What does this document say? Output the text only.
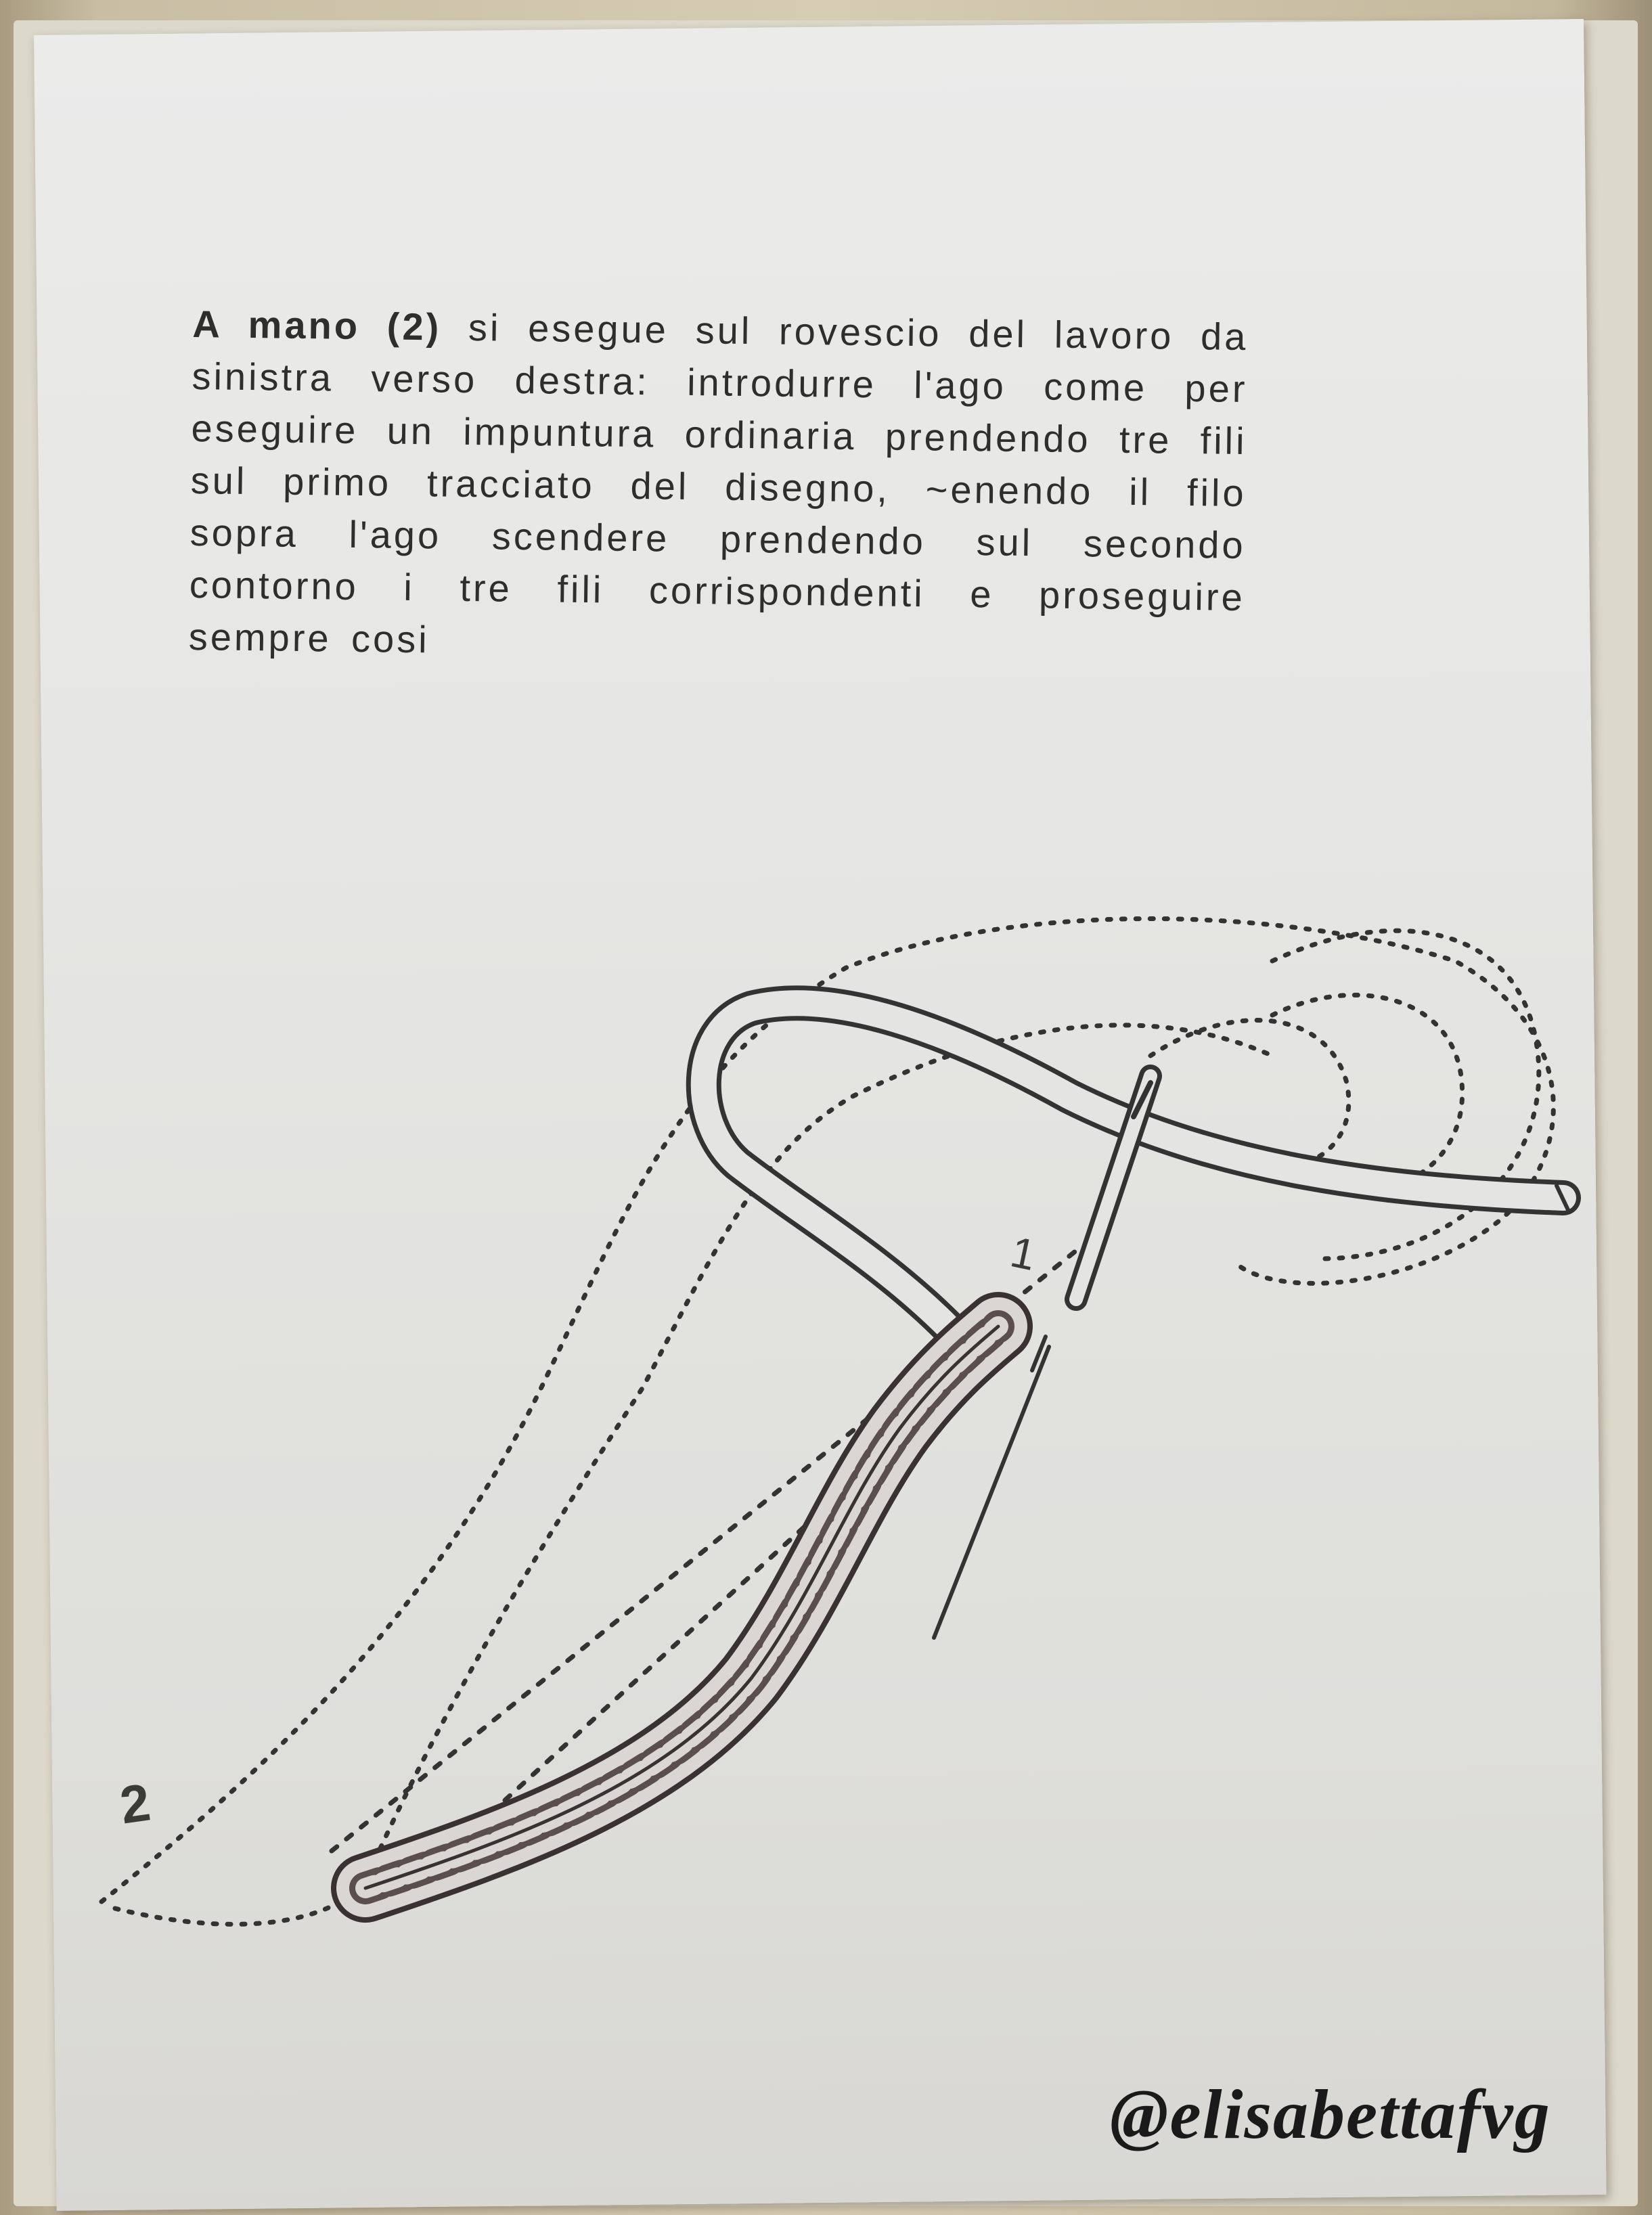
A mano (2) si esegue sul rovescio del lavoro da sinistra verso destra: introdurre l'ago come per eseguire un impuntura ordinaria prendendo tre fili sul primo tracciato del disegno, ~enendo il filo sopra l'ago scendere prendendo sul secondo contorno i tre fili corrispondenti e proseguire sempre cosi

1
2
@elisabettafvg
